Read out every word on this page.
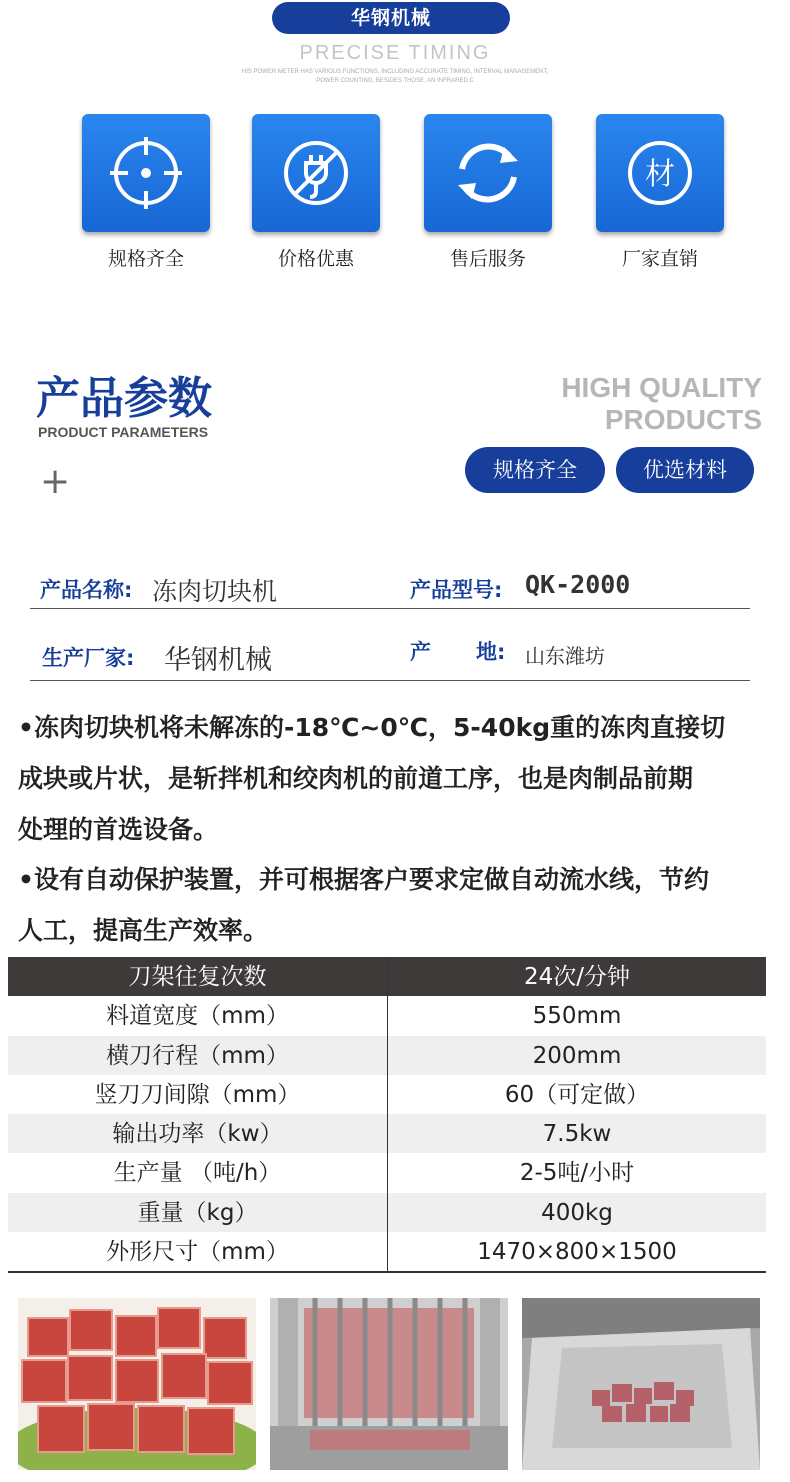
华钢机械
PRECISE TIMING
HIS POWER METER HAS VARIOUS FUNCTIONS, INCLUDING ACCURATE TIMING, INTERVAL MANAGEMENT, POWER COUNTING, BESIDES THOSE, AN INFRARED C
规格齐全	价格优惠	售后服务
材
厂家直销
产品参数
PRODUCT PARAMETERS
+
HIGH QUALITY
PRODUCTS
规格齐全	优选材料
产品名称: 冻肉切块机	产品型号: QK-2000
生产厂家: 华钢机械	产 地: 山东潍坊
•冻肉切块机将未解冻的-18℃~0℃，5-40kg重的冻肉直接切
成块或片状，是斩拌机和绞肉机的前道工序，也是肉制品前期
处理的首选设备。
•设有自动保护装置，并可根据客户要求定做自动流水线，节约
人工，提高生产效率。
刀架往复次数	24次/分钟
料道宽度（mm）	550mm
横刀行程（mm）	200mm
竖刀刀间隙（mm）	60（可定做）
输出功率（kw）	7.5kw
生产量 （吨/h）	2-5吨/小时
重量（kg）	400kg
外形尺寸（mm）	1470×800×1500
